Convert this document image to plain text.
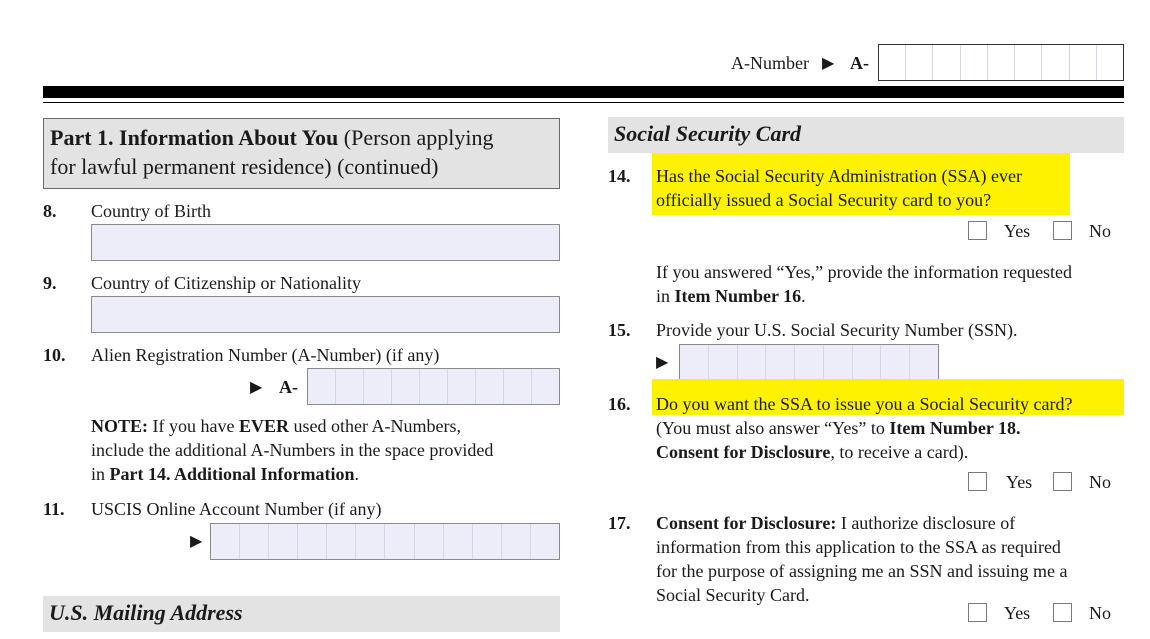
A-Number ▶ A-
Part 1. Information About You (Person applying
for lawful permanent residence) (continued)
8. Country of Birth
9. Country of Citizenship or Nationality
10. Alien Registration Number (A-Number) (if any)
▶ A-
NOTE: If you have EVER used other A-Numbers,
include the additional A-Numbers in the space provided
in Part 14. Additional Information.
11. USCIS Online Account Number (if any)
▶
U.S. Mailing Address
Social Security Card
14. Has the Social Security Administration (SSA) ever
officially issued a Social Security card to you?
Yes	No
If you answered “Yes,” provide the information requested
in Item Number 16.
15. Provide your U.S. Social Security Number (SSN).
▶
16. Do you want the SSA to issue you a Social Security card?
(You must also answer “Yes” to Item Number 18.
Consent for Disclosure, to receive a card).
Yes	No
17. Consent for Disclosure: I authorize disclosure of
information from this application to the SSA as required
for the purpose of assigning me an SSN and issuing me a
Social Security Card.
Yes	No
